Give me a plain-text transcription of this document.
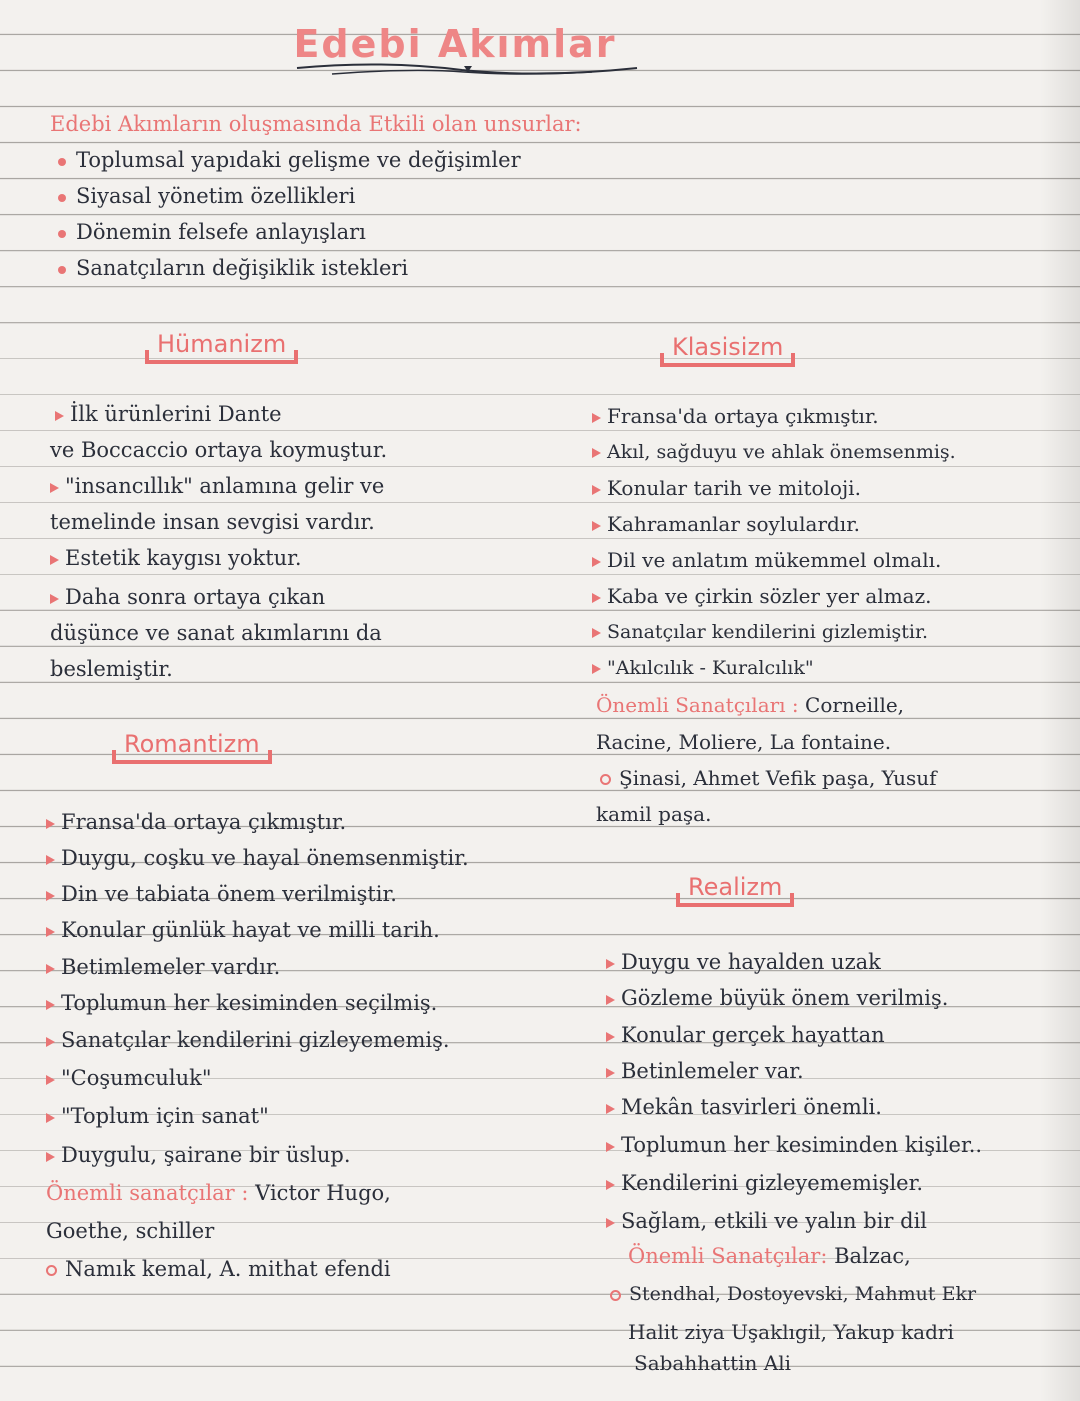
Edebi Akımlar
Edebi Akımların oluşmasında Etkili olan unsurlar:
Toplumsal yapıdaki gelişme ve değişimler
Siyasal yönetim özellikleri
Dönemin felsefe anlayışları
Sanatçıların değişiklik istekleri
Hümanizm
İlk ürünlerini Dante
ve Boccaccio ortaya koymuştur.
"insancıllık" anlamına gelir ve
temelinde insan sevgisi vardır.
Estetik kaygısı yoktur.
Daha sonra ortaya çıkan
düşünce ve sanat akımlarını da
beslemiştir.
Klasisizm
Fransa'da ortaya çıkmıştır.
Akıl, sağduyu ve ahlak önemsenmiş.
Konular tarih ve mitoloji.
Kahramanlar soylulardır.
Dil ve anlatım mükemmel olmalı.
Kaba ve çirkin sözler yer almaz.
Sanatçılar kendilerini gizlemiştir.
"Akılcılık - Kuralcılık"
Önemli Sanatçıları : Corneille,
Racine, Moliere, La fontaine.
Şinasi, Ahmet Vefik paşa, Yusuf
kamil paşa.
Romantizm
Fransa'da ortaya çıkmıştır.
Duygu, coşku ve hayal önemsenmiştir.
Din ve tabiata önem verilmiştir.
Konular günlük hayat ve milli tarih.
Betimlemeler vardır.
Toplumun her kesiminden seçilmiş.
Sanatçılar kendilerini gizleyememiş.
"Coşumculuk"
"Toplum için sanat"
Duygulu, şairane bir üslup.
Önemli sanatçılar : Victor Hugo,
Goethe, schiller
Namık kemal, A. mithat efendi
Realizm
Duygu ve hayalden uzak
Gözleme büyük önem verilmiş.
Konular gerçek hayattan
Betinlemeler var.
Mekân tasvirleri önemli.
Toplumun her kesiminden kişiler..
Kendilerini gizleyememişler.
Sağlam, etkili ve yalın bir dil
Önemli Sanatçılar: Balzac,
Stendhal, Dostoyevski, Mahmut Ekr
Halit ziya Uşaklıgil, Yakup kadri
Sabahhattin Ali
